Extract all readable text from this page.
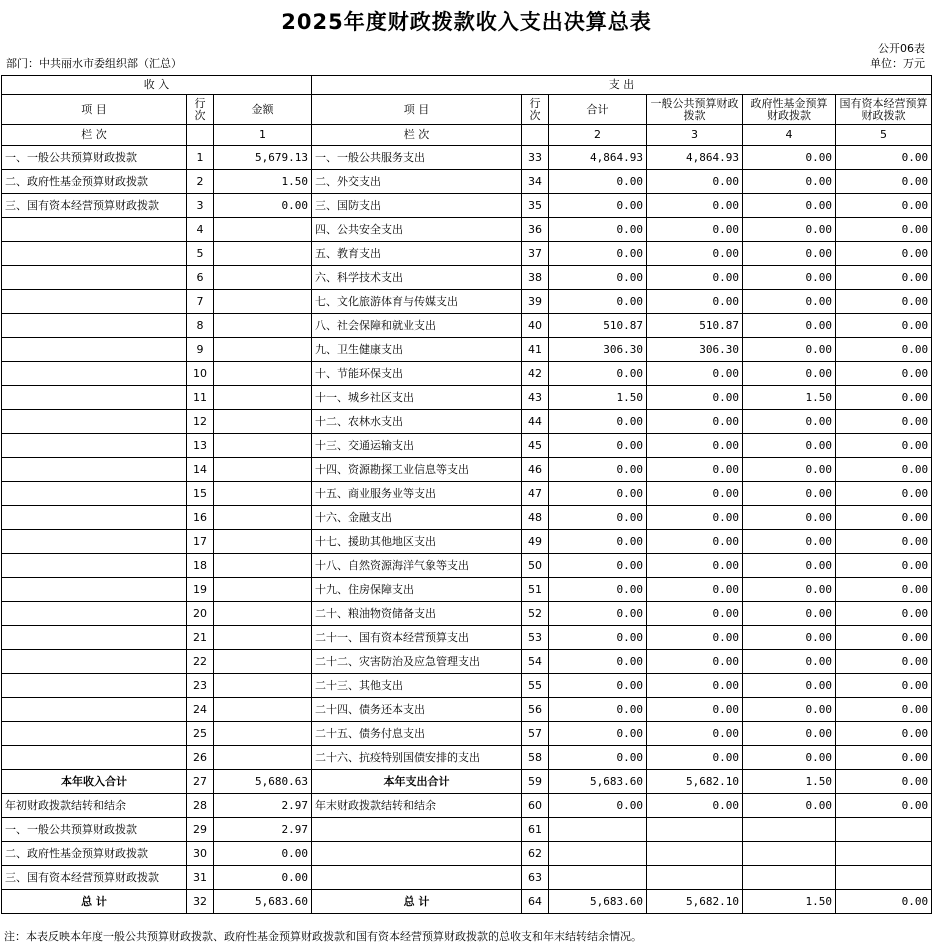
2025年度财政拨款收入支出决算总表
公开06表
部门：中共丽水市委组织部（汇总）	单位：万元
收 入			支 出					
项 目	行次	金额	项 目	行次	合计	一般公共预算财政拨款	政府性基金预算财政拨款	国有资本经营预算财政拨款
栏 次		1	栏 次		2	3	4	5
一、一般公共预算财政拨款	1	5,679.13	一、一般公共服务支出	33	4,864.93	4,864.93	0.00	0.00
二、政府性基金预算财政拨款	2	1.50	二、外交支出	34	0.00	0.00	0.00	0.00
三、国有资本经营预算财政拨款	3	0.00	三、国防支出	35	0.00	0.00	0.00	0.00
	4		四、公共安全支出	36	0.00	0.00	0.00	0.00
	5		五、教育支出	37	0.00	0.00	0.00	0.00
	6		六、科学技术支出	38	0.00	0.00	0.00	0.00
	7		七、文化旅游体育与传媒支出	39	0.00	0.00	0.00	0.00
	8		八、社会保障和就业支出	40	510.87	510.87	0.00	0.00
	9		九、卫生健康支出	41	306.30	306.30	0.00	0.00
	10		十、节能环保支出	42	0.00	0.00	0.00	0.00
	11		十一、城乡社区支出	43	1.50	0.00	1.50	0.00
	12		十二、农林水支出	44	0.00	0.00	0.00	0.00
	13		十三、交通运输支出	45	0.00	0.00	0.00	0.00
	14		十四、资源勘探工业信息等支出	46	0.00	0.00	0.00	0.00
	15		十五、商业服务业等支出	47	0.00	0.00	0.00	0.00
	16		十六、金融支出	48	0.00	0.00	0.00	0.00
	17		十七、援助其他地区支出	49	0.00	0.00	0.00	0.00
	18		十八、自然资源海洋气象等支出	50	0.00	0.00	0.00	0.00
	19		十九、住房保障支出	51	0.00	0.00	0.00	0.00
	20		二十、粮油物资储备支出	52	0.00	0.00	0.00	0.00
	21		二十一、国有资本经营预算支出	53	0.00	0.00	0.00	0.00
	22		二十二、灾害防治及应急管理支出	54	0.00	0.00	0.00	0.00
	23		二十三、其他支出	55	0.00	0.00	0.00	0.00
	24		二十四、债务还本支出	56	0.00	0.00	0.00	0.00
	25		二十五、债务付息支出	57	0.00	0.00	0.00	0.00
	26		二十六、抗疫特别国债安排的支出	58	0.00	0.00	0.00	0.00
本年收入合计	27	5,680.63	本年支出合计	59	5,683.60	5,682.10	1.50	0.00
年初财政拨款结转和结余	28	2.97	年末财政拨款结转和结余	60	0.00	0.00	0.00	0.00
一、一般公共预算财政拨款	29	2.97		61				
二、政府性基金预算财政拨款	30	0.00		62				
三、国有资本经营预算财政拨款	31	0.00		63				
总 计	32	5,683.60	总 计	64	5,683.60	5,682.10	1.50	0.00
注：本表反映本年度一般公共预算财政拨款、政府性基金预算财政拨款和国有资本经营预算财政拨款的总收支和年末结转结余情况。
